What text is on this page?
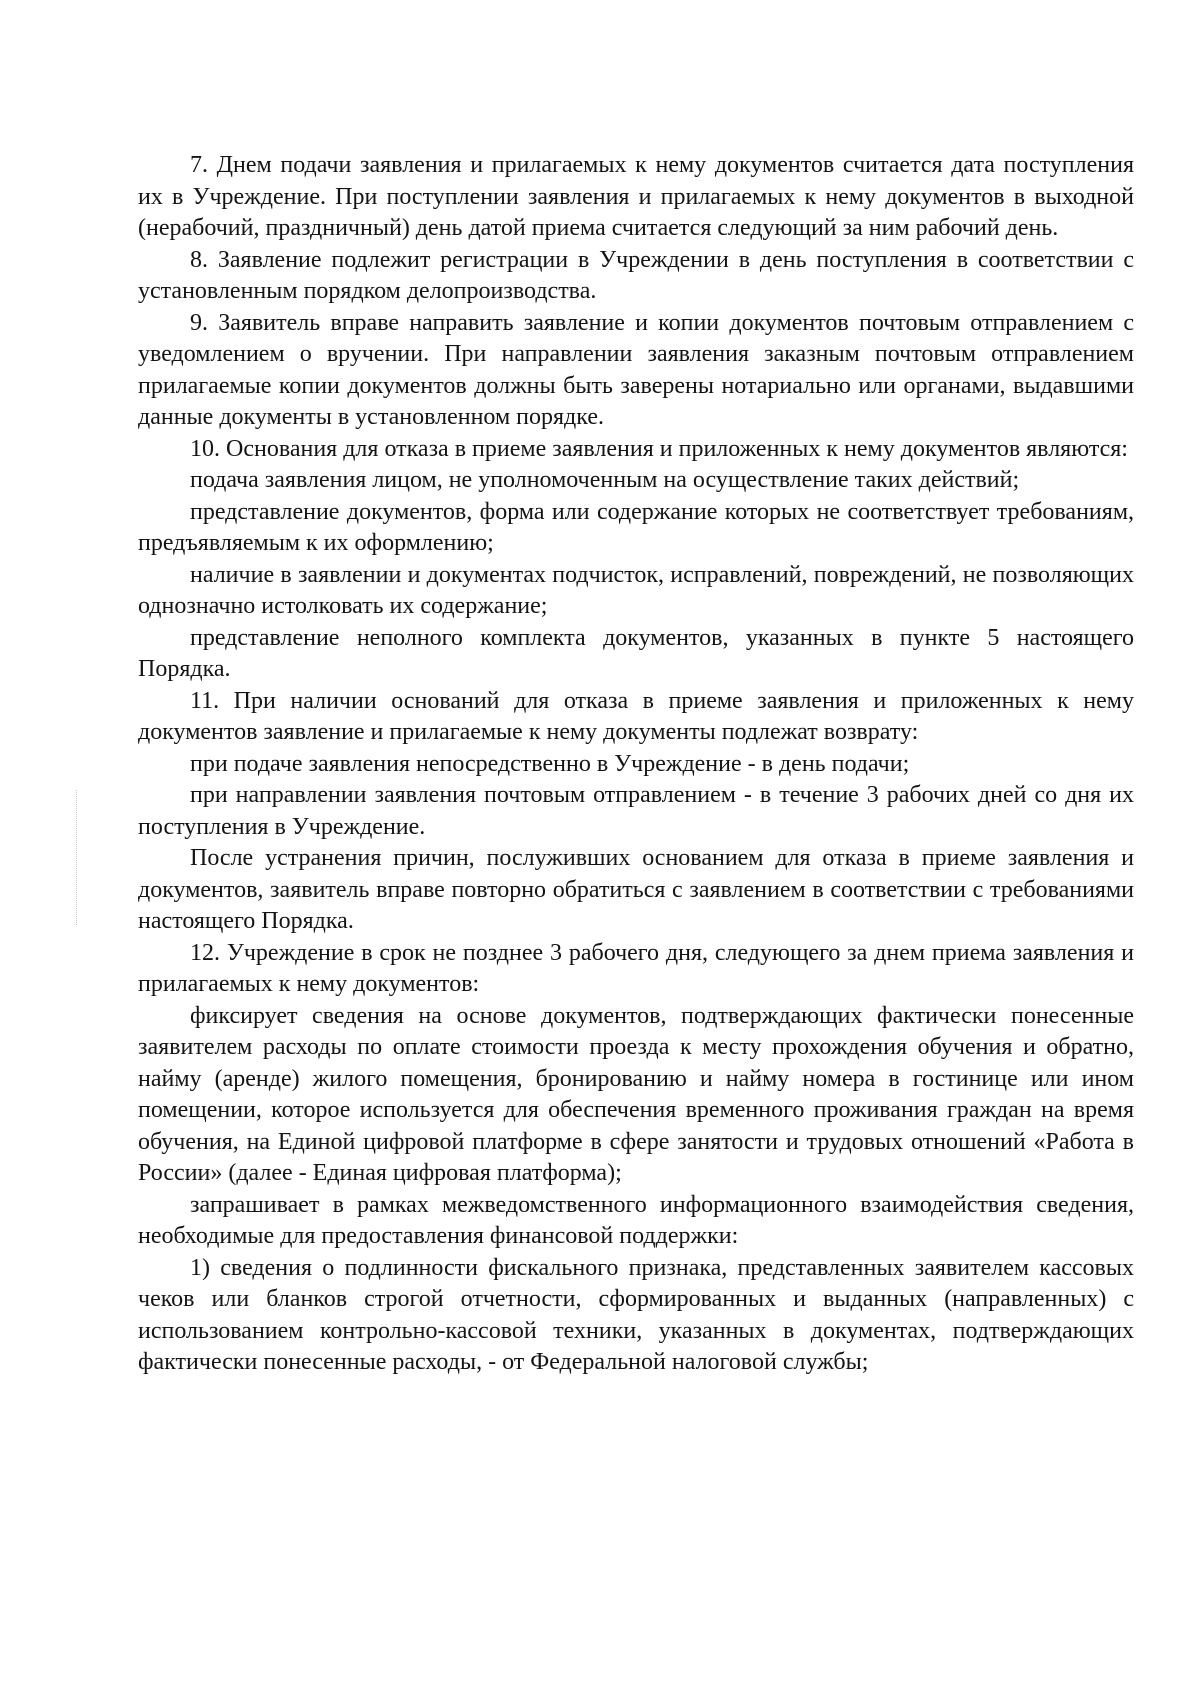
7. Днем подачи заявления и прилагаемых к нему документов считается дата поступления их в Учреждение. При поступлении заявления и прилагаемых к нему документов в выходной (нерабочий, праздничный) день датой приема считается следующий за ним рабочий день.

8. Заявление подлежит регистрации в Учреждении в день поступления в соответствии с установленным порядком делопроизводства.

9. Заявитель вправе направить заявление и копии документов почтовым отправлением с уведомлением о вручении. При направлении заявления заказным почтовым отправлением прилагаемые копии документов должны быть заверены нотариально или органами, выдавшими данные документы в установленном порядке.

10. Основания для отказа в приеме заявления и приложенных к нему документов являются:

подача заявления лицом, не уполномоченным на осуществление таких действий;

представление документов, форма или содержание которых не соответствует требованиям, предъявляемым к их оформлению;

наличие в заявлении и документах подчисток, исправлений, повреждений, не позволяющих однозначно истолковать их содержание;

представление неполного комплекта документов, указанных в пункте 5 настоящего Порядка.

11. При наличии оснований для отказа в приеме заявления и приложенных к нему документов заявление и прилагаемые к нему документы подлежат возврату:

при подаче заявления непосредственно в Учреждение - в день подачи;

при направлении заявления почтовым отправлением - в течение 3 рабочих дней со дня их поступления в Учреждение.

После устранения причин, послуживших основанием для отказа в приеме заявления и документов, заявитель вправе повторно обратиться с заявлением в соответствии с требованиями настоящего Порядка.

12. Учреждение в срок не позднее 3 рабочего дня, следующего за днем приема заявления и прилагаемых к нему документов:

фиксирует сведения на основе документов, подтверждающих фактически понесенные заявителем расходы по оплате стоимости проезда к месту прохождения обучения и обратно, найму (аренде) жилого помещения, бронированию и найму номера в гостинице или ином помещении, которое используется для обеспечения временного проживания граждан на время обучения, на Единой цифровой платформе в сфере занятости и трудовых отношений «Работа в России» (далее - Единая цифровая платформа);

запрашивает в рамках межведомственного информационного взаимодействия сведения, необходимые для предоставления финансовой поддержки:

1) сведения о подлинности фискального признака, представленных заявителем кассовых чеков или бланков строгой отчетности, сформированных и выданных (направленных) с использованием контрольно-кассовой техники, указанных в документах, подтверждающих фактически понесенные расходы, - от Федеральной налоговой службы;
